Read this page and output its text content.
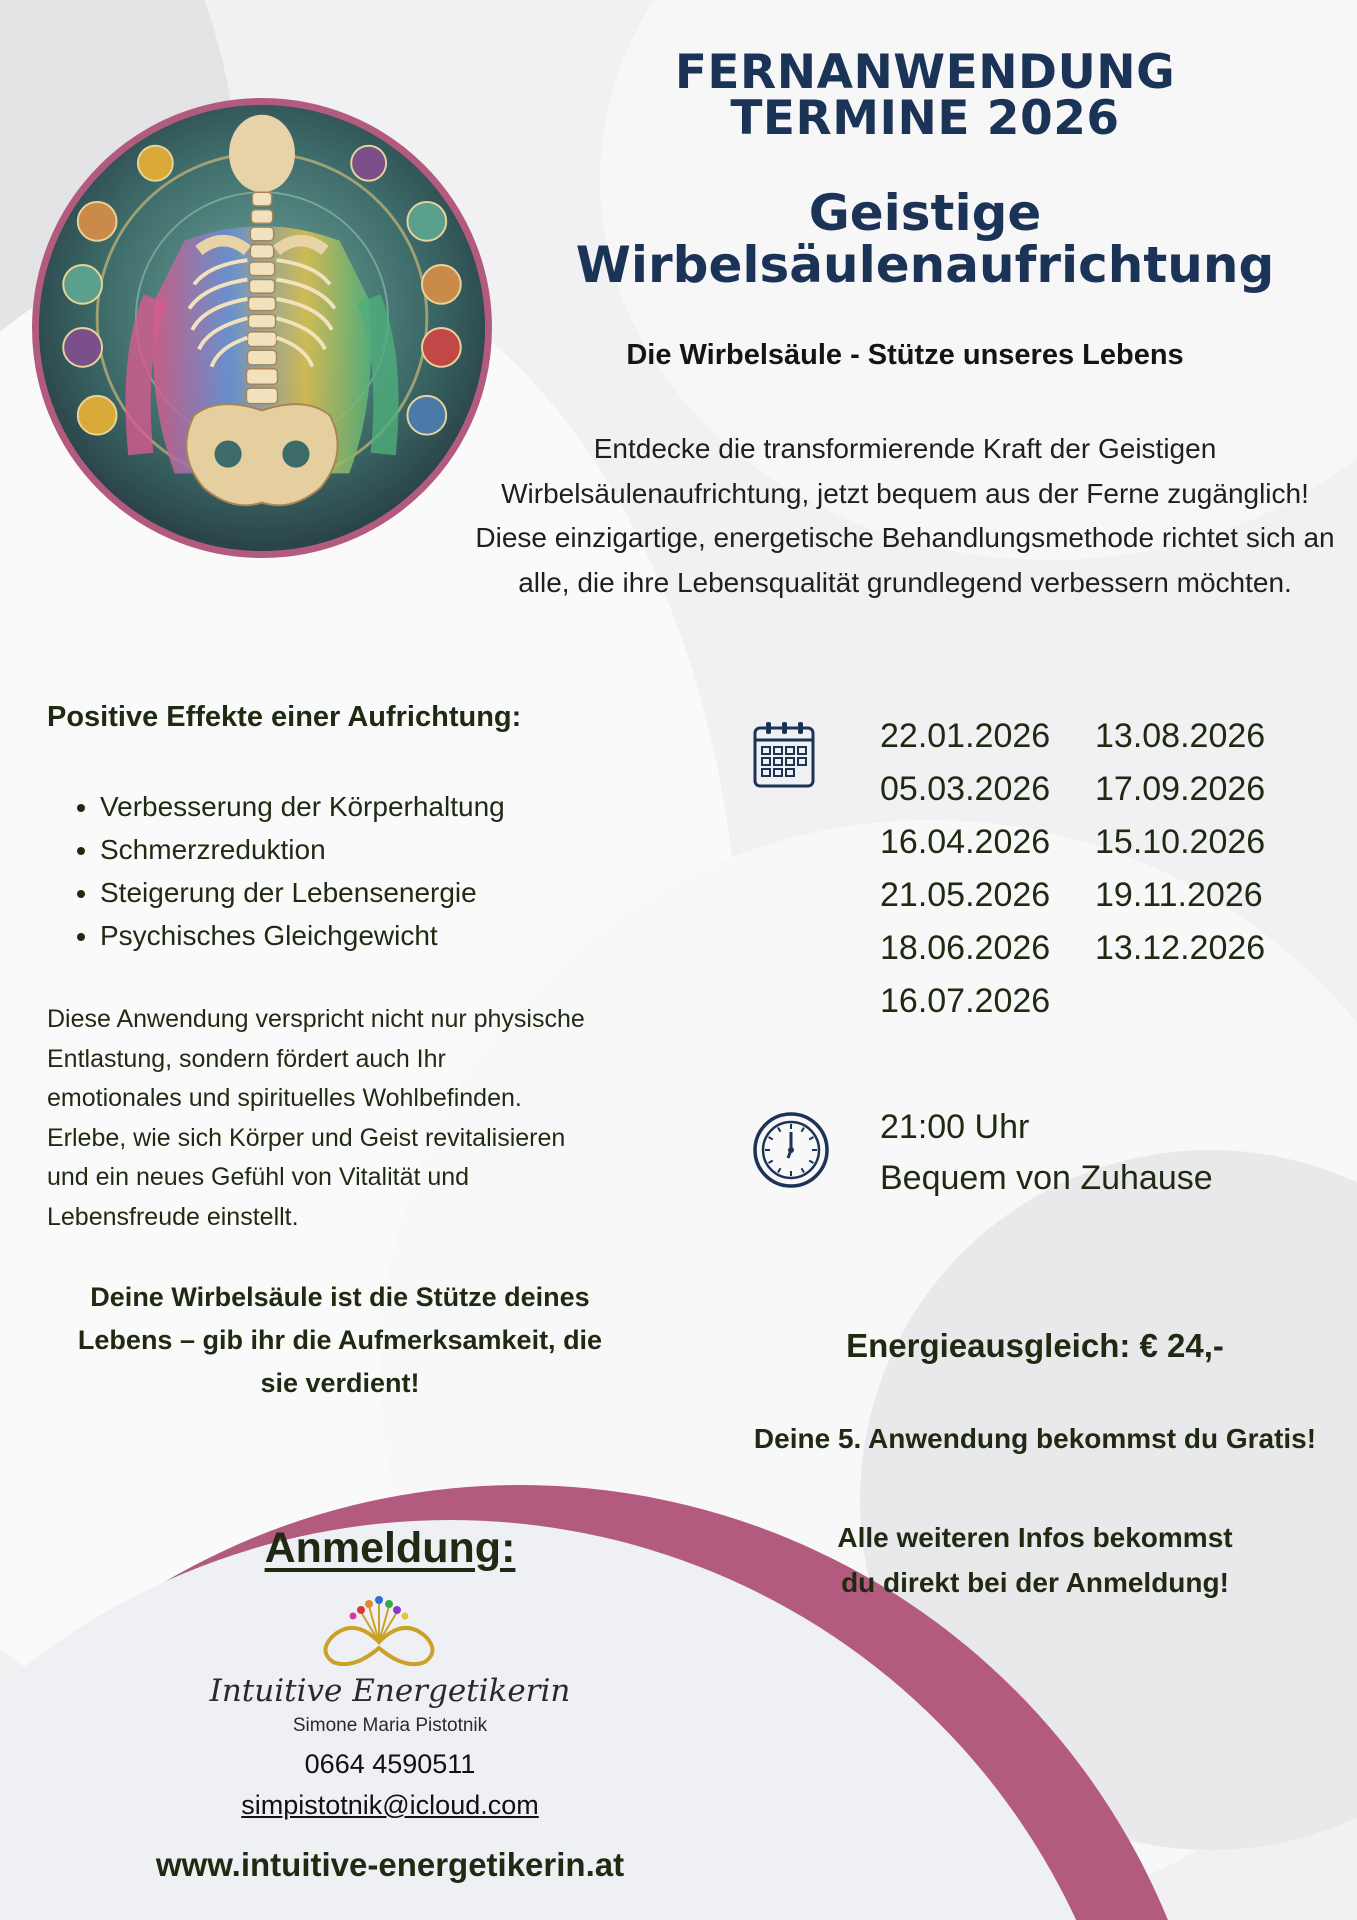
FERNANWENDUNG
TERMINE 2026
Geistige
Wirbelsäulenaufrichtung
Die Wirbelsäule - Stütze unseres Lebens
Entdecke die transformierende Kraft der Geistigen
Wirbelsäulenaufrichtung, jetzt bequem aus der Ferne zugänglich!
Diese einzigartige, energetische Behandlungsmethode richtet sich an
alle, die ihre Lebensqualität grundlegend verbessern möchten.
Positive Effekte einer Aufrichtung:
• Verbesserung der Körperhaltung
• Schmerzreduktion
• Steigerung der Lebensenergie
• Psychisches Gleichgewicht
Diese Anwendung verspricht nicht nur physische
Entlastung, sondern fördert auch Ihr
emotionales und spirituelles Wohlbefinden.
Erlebe, wie sich Körper und Geist revitalisieren
und ein neues Gefühl von Vitalität und
Lebensfreude einstellt.
Deine Wirbelsäule ist die Stütze deines
Lebens – gib ihr die Aufmerksamkeit, die
sie verdient!
22.01.2026	13.08.2026
05.03.2026	17.09.2026
16.04.2026	15.10.2026
21.05.2026	19.11.2026
18.06.2026	13.12.2026
16.07.2026
21:00 Uhr
Bequem von Zuhause
Energieausgleich: € 24,-
Deine 5. Anwendung bekommst du Gratis!
Alle weiteren Infos bekommst
du direkt bei der Anmeldung!
Anmeldung:
Intuitive Energetikerin
Simone Maria Pistotnik
0664 4590511
simpistotnik@icloud.com
www.intuitive-energetikerin.at
